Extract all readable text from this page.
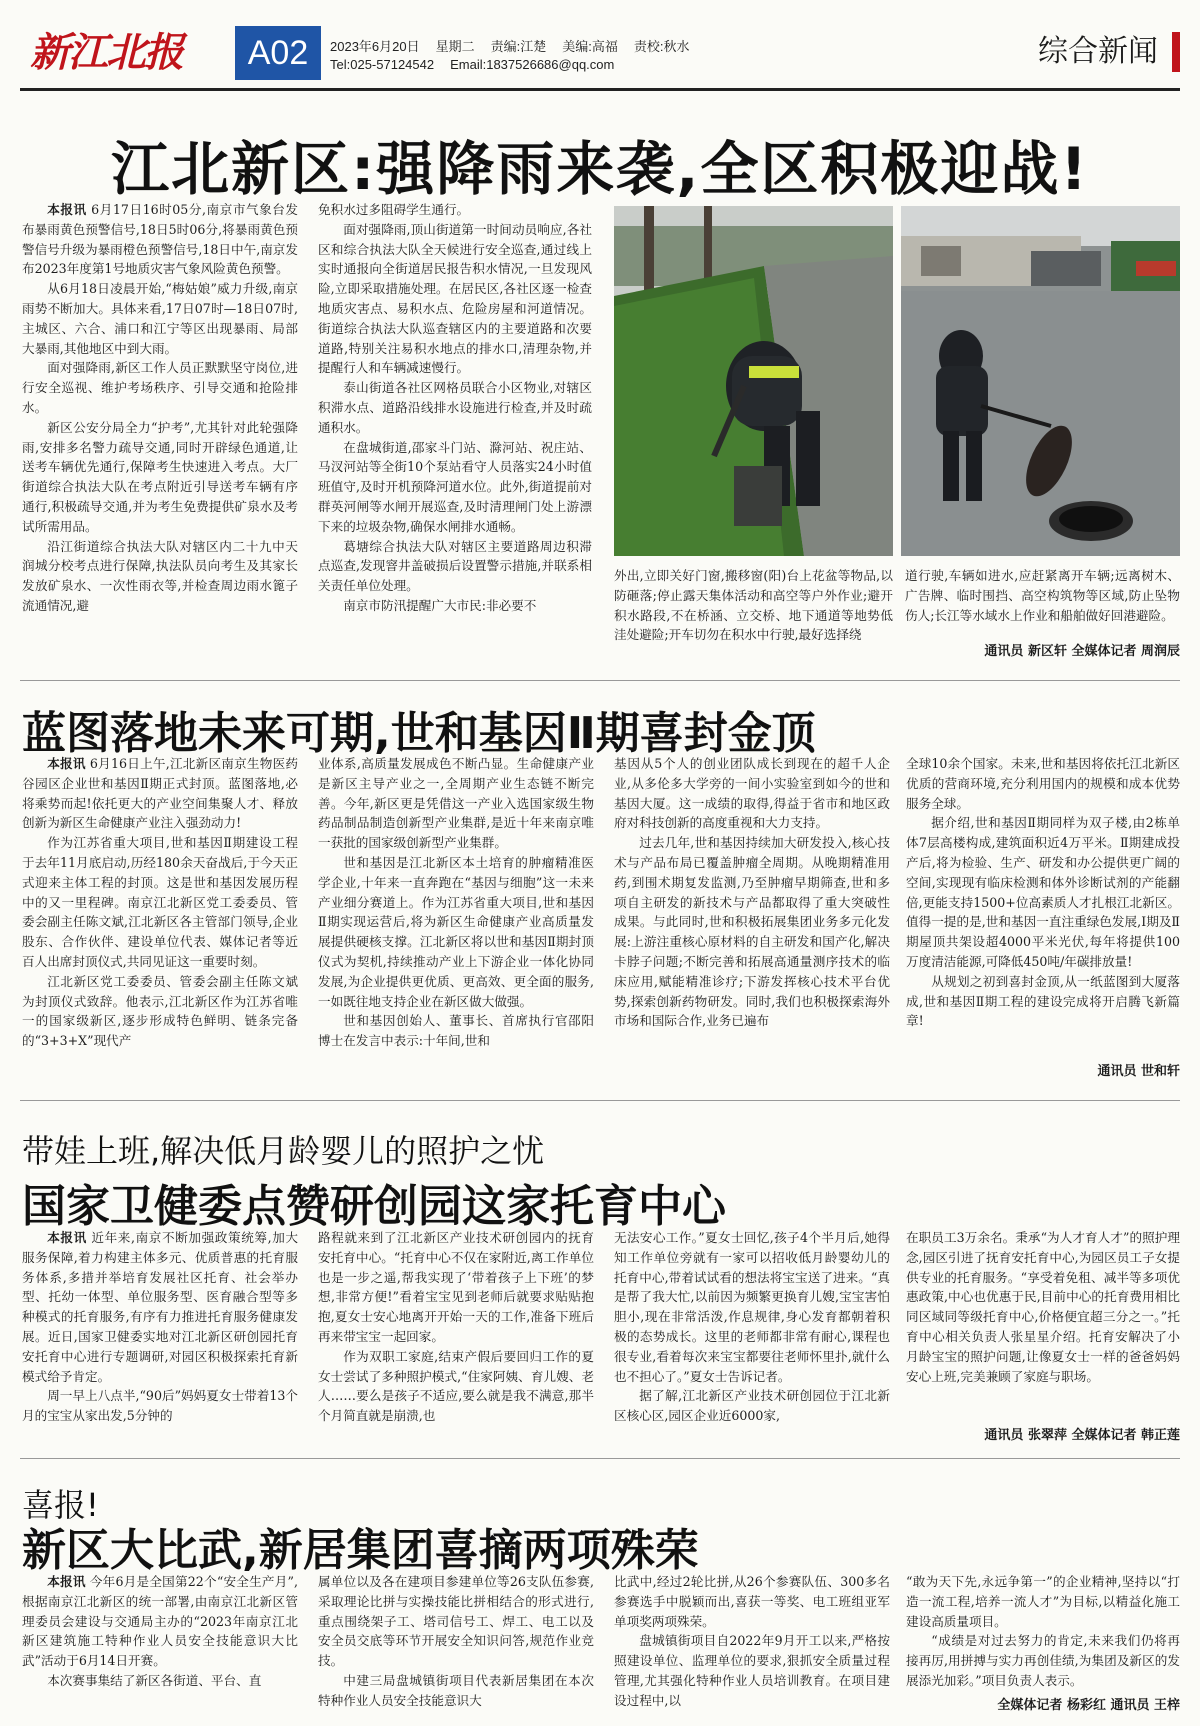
新江北报	A02	2023年6月20日 星期二 责编:江楚 美编:高福 责校:秋水
Tel:025-57124542 Email:1837526686@qq.com	综合新闻
江北新区:强降雨来袭,全区积极迎战!

本报讯 6月17日16时05分,南京市气象台发布暴雨黄色预警信号,18日5时06分,将暴雨黄色预警信号升级为暴雨橙色预警信号,18日中午,南京发布2023年度第1号地质灾害气象风险黄色预警。

从6月18日凌晨开始,“梅姑娘”威力升级,南京雨势不断加大。具体来看,17日07时—18日07时,主城区、六合、浦口和江宁等区出现暴雨、局部大暴雨,其他地区中到大雨。

面对强降雨,新区工作人员正默默坚守岗位,进行安全巡视、维护考场秩序、引导交通和抢险排水。

新区公安分局全力“护考”,尤其针对此轮强降雨,安排多名警力疏导交通,同时开辟绿色通道,让送考车辆优先通行,保障考生快速进入考点。大厂街道综合执法大队在考点附近引导送考车辆有序通行,积极疏导交通,并为考生免费提供矿泉水及考试所需用品。

沿江街道综合执法大队对辖区内二十九中天润城分校考点进行保障,执法队员向考生及其家长发放矿泉水、一次性雨衣等,并检查周边雨水篦子流通情况,避

免积水过多阻碍学生通行。

面对强降雨,顶山街道第一时间动员响应,各社区和综合执法大队全天候进行安全巡查,通过线上实时通报向全街道居民报告积水情况,一旦发现风险,立即采取措施处理。在居民区,各社区逐一检查地质灾害点、易积水点、危险房屋和河道情况。街道综合执法大队巡查辖区内的主要道路和次要道路,特别关注易积水地点的排水口,清理杂物,并提醒行人和车辆减速慢行。

泰山街道各社区网格员联合小区物业,对辖区积滞水点、道路沿线排水设施进行检查,并及时疏通积水。

在盘城街道,邵家斗门站、滁河站、祝庄站、马汊河站等全街10个泵站看守人员落实24小时值班值守,及时开机预降河道水位。此外,街道提前对群英河闸等水闸开展巡查,及时清理闸门处上游漂下来的垃圾杂物,确保水闸排水通畅。

葛塘综合执法大队对辖区主要道路周边积滞点巡查,发现窨井盖破损后设置警示措施,并联系相关责任单位处理。

南京市防汛提醒广大市民:非必要不

外出,立即关好门窗,搬移窗(阳)台上花盆等物品,以防砸落;停止露天集体活动和高空等户外作业;避开积水路段,不在桥涵、立交桥、地下通道等地势低洼处避险;开车切勿在积水中行驶,最好选择绕

道行驶,车辆如进水,应赶紧离开车辆;远离树木、广告牌、临时围挡、高空构筑物等区域,防止坠物伤人;长江等水域水上作业和船舶做好回港避险。

通讯员 新区轩 全媒体记者 周润辰
蓝图落地未来可期,世和基因Ⅱ期喜封金顶

本报讯 6月16日上午,江北新区南京生物医药谷园区企业世和基因Ⅱ期正式封顶。蓝图落地,必将乘势而起!依托更大的产业空间集聚人才、释放创新为新区生命健康产业注入强劲动力!

作为江苏省重大项目,世和基因Ⅱ期建设工程于去年11月底启动,历经180余天奋战后,于今天正式迎来主体工程的封顶。这是世和基因发展历程中的又一里程碑。南京江北新区党工委委员、管委会副主任陈文斌,江北新区各主管部门领导,企业股东、合作伙伴、建设单位代表、媒体记者等近百人出席封顶仪式,共同见证这一重要时刻。

江北新区党工委委员、管委会副主任陈文斌为封顶仪式致辞。他表示,江北新区作为江苏省唯一的国家级新区,逐步形成特色鲜明、链条完备的“3+3+X”现代产

业体系,高质量发展成色不断凸显。生命健康产业是新区主导产业之一,全周期产业生态链不断完善。今年,新区更是凭借这一产业入选国家级生物药品制品制造创新型产业集群,是近十年来南京唯一获批的国家级创新型产业集群。

世和基因是江北新区本土培育的肿瘤精准医学企业,十年来一直奔跑在“基因与细胞”这一未来产业细分赛道上。作为江苏省重大项目,世和基因Ⅱ期实现运营后,将为新区生命健康产业高质量发展提供硬核支撑。江北新区将以世和基因Ⅱ期封顶仪式为契机,持续推动产业上下游企业一体化协同发展,为企业提供更优质、更高效、更全面的服务,一如既往地支持企业在新区做大做强。

世和基因创始人、董事长、首席执行官邵阳博士在发言中表示:十年间,世和

基因从5个人的创业团队成长到现在的超千人企业,从多伦多大学旁的一间小实验室到如今的世和基因大厦。这一成绩的取得,得益于省市和地区政府对科技创新的高度重视和大力支持。

过去几年,世和基因持续加大研发投入,核心技术与产品布局已覆盖肿瘤全周期。从晚期精准用药,到围术期复发监测,乃至肿瘤早期筛查,世和多项自主研发的新技术与产品都取得了重大突破性成果。与此同时,世和积极拓展集团业务多元化发展:上游注重核心原材料的自主研发和国产化,解决卡脖子问题;不断完善和拓展高通量测序技术的临床应用,赋能精准诊疗;下游发挥核心技术平台优势,探索创新药物研发。同时,我们也积极探索海外市场和国际合作,业务已遍布

全球10余个国家。未来,世和基因将依托江北新区优质的营商环境,充分利用国内的规模和成本优势服务全球。

据介绍,世和基因Ⅱ期同样为双子楼,由2栋单体7层高楼构成,建筑面积近4万平米。Ⅱ期建成投产后,将为检验、生产、研发和办公提供更广阔的空间,实现现有临床检测和体外诊断试剂的产能翻倍,更能支持1500+位高素质人才扎根江北新区。值得一提的是,世和基因一直注重绿色发展,Ⅰ期及Ⅱ期屋顶共架设超4000平米光伏,每年将提供100万度清洁能源,可降低450吨/年碳排放量!

从规划之初到喜封金顶,从一纸蓝图到大厦落成,世和基因Ⅱ期工程的建设完成将开启腾飞新篇章!

通讯员 世和轩
带娃上班,解决低月龄婴儿的照护之忧
国家卫健委点赞研创园这家托育中心

本报讯 近年来,南京不断加强政策统筹,加大服务保障,着力构建主体多元、优质普惠的托育服务体系,多措并举培育发展社区托育、社会举办型、托幼一体型、单位服务型、医育融合型等多种模式的托育服务,有序有力推进托育服务健康发展。近日,国家卫健委实地对江北新区研创园托育安托育中心进行专题调研,对园区积极探索托育新模式给予肯定。

周一早上八点半,“90后”妈妈夏女士带着13个月的宝宝从家出发,5分钟的

路程就来到了江北新区产业技术研创园内的抚育安托育中心。“托育中心不仅在家附近,离工作单位也是一步之遥,帮我实现了‘带着孩子上下班’的梦想,非常方便!”看着宝宝见到老师后就要求贴贴抱抱,夏女士安心地离开开始一天的工作,准备下班后再来带宝宝一起回家。

作为双职工家庭,结束产假后要回归工作的夏女士尝试了多种照护模式,“住家阿姨、育儿嫂、老人……要么是孩子不适应,要么就是我不满意,那半个月简直就是崩溃,也

无法安心工作。”夏女士回忆,孩子4个半月后,她得知工作单位旁就有一家可以招收低月龄婴幼儿的托育中心,带着试试看的想法将宝宝送了进来。“真是帮了我大忙,以前因为频繁更换育儿嫂,宝宝害怕胆小,现在非常活泼,作息规律,身心发育都朝着积极的态势成长。这里的老师都非常有耐心,课程也很专业,看着每次来宝宝都要往老师怀里扑,就什么也不担心了。”夏女士告诉记者。

据了解,江北新区产业技术研创园位于江北新区核心区,园区企业近6000家,

在职员工3万余名。秉承“为人才育人才”的照护理念,园区引进了抚育安托育中心,为园区员工子女提供专业的托育服务。“享受着免租、减半等多项优惠政策,中心也优惠于民,目前中心的托育费用相比同区域同等级托育中心,价格便宜超三分之一。”托育中心相关负责人张星星介绍。托育安解决了小月龄宝宝的照护问题,让像夏女士一样的爸爸妈妈安心上班,完美兼顾了家庭与职场。

通讯员 张翠萍 全媒体记者 韩正莲
喜报!
新区大比武,新居集团喜摘两项殊荣

本报讯 今年6月是全国第22个“安全生产月”,根据南京江北新区的统一部署,由南京江北新区管理委员会建设与交通局主办的“2023年南京江北新区建筑施工特种作业人员安全技能意识大比武”活动于6月14日开赛。

本次赛事集结了新区各街道、平台、直

属单位以及各在建项目参建单位等26支队伍参赛,采取理论比拼与实操技能比拼相结合的形式进行,重点围绕架子工、塔司信号工、焊工、电工以及安全员交底等环节开展安全知识问答,规范作业竞技。

中建三局盘城镇街项目代表新居集团在本次特种作业人员安全技能意识大

比武中,经过2轮比拼,从26个参赛队伍、300多名参赛选手中脱颖而出,喜获一等奖、电工班组亚军单项奖两项殊荣。

盘城镇街项目自2022年9月开工以来,严格按照建设单位、监理单位的要求,狠抓安全质量过程管理,尤其强化特种作业人员培训教育。在项目建设过程中,以

“敢为天下先,永远争第一”的企业精神,坚持以“打造一流工程,培养一流人才”为目标,以精益化施工建设高质量项目。

“成绩是对过去努力的肯定,未来我们仍将再接再厉,用拼搏与实力再创佳绩,为集团及新区的发展添光加彩。”项目负责人表示。

全媒体记者 杨彩红 通讯员 王梓
